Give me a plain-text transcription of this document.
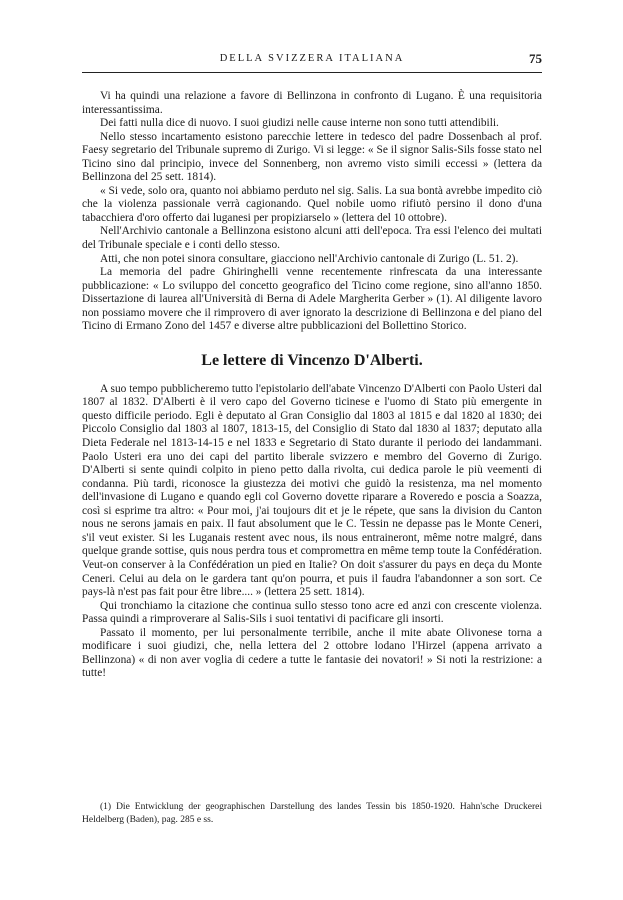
DELLA SVIZZERA ITALIANA	75

Vi ha quindi una relazione a favore di Bellinzona in confronto di Lugano. È una requisitoria interessantissima.

Dei fatti nulla dice di nuovo. I suoi giudizi nelle cause interne non sono tutti attendibili.

Nello stesso incartamento esistono parecchie lettere in tedesco del padre Dossenbach al prof. Faesy segretario del Tribunale supremo di Zurigo. Vi si legge: « Se il signor Salis-Sils fosse stato nel Ticino sino dal principio, invece del Sonnenberg, non avremo visto simili eccessi » (lettera da Bellinzona del 25 sett. 1814).

« Si vede, solo ora, quanto noi abbiamo perduto nel sig. Salis. La sua bontà avrebbe impedito ciò che la violenza passionale verrà cagionando. Quel nobile uomo rifiutò persino il dono d'una tabacchiera d'oro offerto dai luganesi per propiziarselo » (lettera del 10 ottobre).

Nell'Archivio cantonale a Bellinzona esistono alcuni atti dell'epoca. Tra essi l'elenco dei multati del Tribunale speciale e i conti dello stesso.

Atti, che non potei sinora consultare, giacciono nell'Archivio cantonale di Zurigo (L. 51. 2).

La memoria del padre Ghiringhelli venne recentemente rinfrescata da una interessante pubblicazione: « Lo sviluppo del concetto geografico del Ticino come regione, sino all'anno 1850. Dissertazione di laurea all'Università di Berna di Adele Margherita Gerber » (1). Al diligente lavoro non possiamo movere che il rimprovero di aver ignorato la descrizione di Bellinzona e del piano del Ticino di Ermano Zono del 1457 e diverse altre pubblicazioni del Bollettino Storico.

Le lettere di Vincenzo D'Alberti.

A suo tempo pubblicheremo tutto l'epistolario dell'abate Vincenzo D'Alberti con Paolo Usteri dal 1807 al 1832. D'Alberti è il vero capo del Governo ticinese e l'uomo di Stato più emergente in questo difficile periodo. Egli è deputato al Gran Consiglio dal 1803 al 1815 e dal 1820 al 1830; dei Piccolo Consiglio dal 1803 al 1807, 1813-15, del Consiglio di Stato dal 1830 al 1837; deputato alla Dieta Federale nel 1813-14-15 e nel 1833 e Segretario di Stato durante il periodo dei landammani. Paolo Usteri era uno dei capi del partito liberale svizzero e membro del Governo di Zurigo. D'Alberti si sente quindi colpito in pieno petto dalla rivolta, cui dedica parole le più veementi di condanna. Più tardi, riconosce la giustezza dei motivi che guidò la resistenza, ma nel momento dell'invasione di Lugano e quando egli col Governo dovette riparare a Roveredo e poscia a Soazza, così si esprime tra altro: « Pour moi, j'ai toujours dit et je le répete, que sans la division du Canton nous ne serons jamais en paix. Il faut absolument que le C. Tessin ne depasse pas le Monte Ceneri, s'il veut exister. Si les Luganais restent avec nous, ils nous entraineront, même notre malgré, dans quelque grande sottise, quis nous perdra tous et compromettra en même temp toute la Confédération. Veut-on conserver à la Confédération un pied en Italie? On doit s'assurer du pays en deça du Monte Ceneri. Celui au dela on le gardera tant qu'on pourra, et puis il faudra l'abandonner a son sort. Ce pays-là n'est pas fait pour être libre.... » (lettera 25 sett. 1814).

Qui tronchiamo la citazione che continua sullo stesso tono acre ed anzi con crescente violenza. Passa quindi a rimproverare al Salis-Sils i suoi tentativi di pacificare gli insorti.

Passato il momento, per lui personalmente terribile, anche il mite abate Olivonese torna a modificare i suoi giudizi, che, nella lettera del 2 ottobre lodano l'Hirzel (appena arrivato a Bellinzona) « di non aver voglia di cedere a tutte le fantasie dei novatori! » Si noti la restrizione: a tutte!

(1) Die Entwicklung der geographischen Darstellung des landes Tessin bis 1850-1920. Hahn'sche Druckerei Heldelberg (Baden), pag. 285 e ss.
